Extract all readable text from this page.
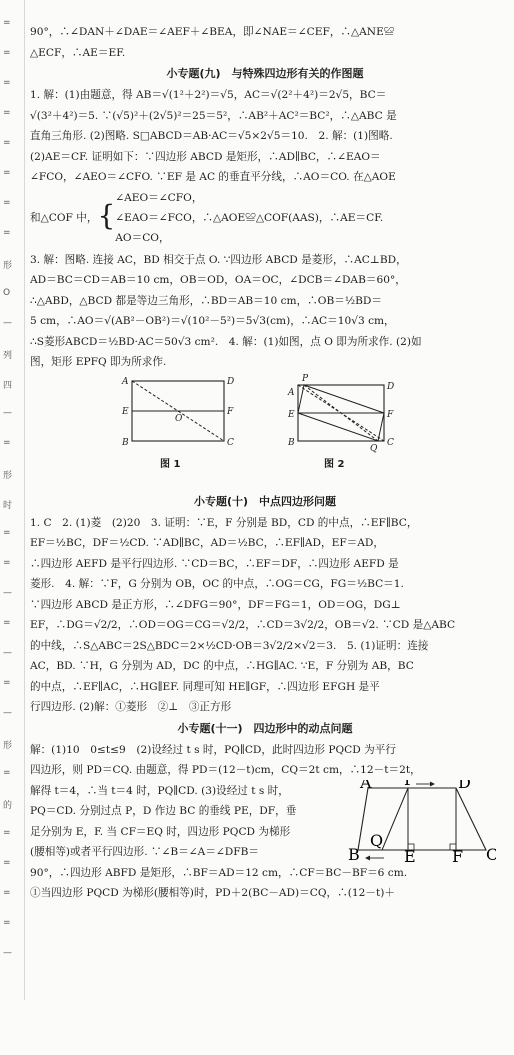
=
=
=
=
=
=
=
=
形
O
—
列
四
—
=
形
时
=
=
—
=
—
=
—
形
=
的
=
=
=
=
—
90°，∴∠DAN＋∠DAE＝∠AEF＋∠BEA，即∠NAE＝∠CEF，∴△ANE≌
△ECF，∴AE＝EF.
小专题(九)　与特殊四边形有关的作图题
1. 解：(1)由题意，得 AB＝√(1²＋2²)＝√5，AC＝√(2²＋4²)＝2√5，BC＝
√(3²＋4²)＝5. ∵(√5)²＋(2√5)²＝25＝5²，∴AB²＋AC²＝BC²，∴△ABC 是
直角三角形. (2)图略. S□ABCD＝AB·AC＝√5×2√5＝10.　2. 解：(1)图略.
(2)AE＝CF. 证明如下：∵四边形 ABCD 是矩形，∴AD∥BC，∴∠EAO＝
∠FCO，∠AEO＝∠CFO. ∵EF 是 AC 的垂直平分线，∴AO＝CO. 在△AOE
和△COF 中，{
∠AEO＝∠CFO，
∠EAO＝∠FCO，∴△AOE≌△COF(AAS)，∴AE＝CF.
AO＝CO，
3. 解：图略. 连接 AC，BD 相交于点 O. ∵四边形 ABCD 是菱形，∴AC⊥BD，
AD＝BC＝CD＝AB＝10 cm，OB＝OD，OA＝OC，∠DCB＝∠DAB＝60°，
∴△ABD，△BCD 都是等边三角形，∴BD＝AB＝10 cm，∴OB＝½BD＝
5 cm，∴AO＝√(AB²－OB²)＝√(10²－5²)＝5√3(cm)，∴AC＝10√3 cm，
∴S菱形ABCD＝½BD·AC＝50√3 cm².　4. 解：(1)如图，点 O 即为所求作. (2)如
图，矩形 EPFQ 即为所求作.
A	D
E	F
B	C
O
图 1
P
A
D
E	F
B	C
Q
图 2
小专题(十)　中点四边形问题
1. C　2. (1)菱　(2)20　3. 证明：∵E，F 分别是 BD，CD 的中点，∴EF∥BC，
EF＝½BC，DF＝½CD. ∵AD∥BC，AD＝½BC，∴EF∥AD，EF＝AD，
∴四边形 AEFD 是平行四边形. ∵CD＝BC，∴EF＝DF，∴四边形 AEFD 是
菱形.　4. 解：∵F，G 分别为 OB，OC 的中点，∴OG＝CG，FG＝½BC＝1.
∵四边形 ABCD 是正方形，∴∠DFG＝90°，DF＝FG＝1，OD＝OG，DG⊥
EF，∴DG＝√2/2，∴OD＝OG＝CG＝√2/2，∴CD＝3√2/2，OB＝√2. ∵CD 是△ABC
的中线，∴S△ABC＝2S△BDC＝2×½CD·OB＝3√2/2×√2＝3.　5. (1)证明：连接
AC，BD. ∵H，G 分别为 AD，DC 的中点，∴HG∥AC. ∵E，F 分别为 AB，BC
的中点，∴EF∥AC，∴HG∥EF. 同理可知 HE∥GF，∴四边形 EFGH 是平
行四边形. (2)解：①菱形　②⊥　③正方形
小专题(十一)　四边形中的动点问题
解：(1)10　0≤t≤9　(2)设经过 t s 时，PQ∥CD，此时四边形 PQCD 为平行
四边形，则 PD＝CQ. 由题意，得 PD＝(12－t)cm，CQ＝2t cm，∴12－t＝2t，
解得 t＝4，∴当 t＝4 时，PQ∥CD. (3)设经过 t s 时，
PQ＝CD. 分别过点 P，D 作边 BC 的垂线 PE，DF，垂
足分别为 E，F. 当 CF＝EQ 时，四边形 PQCD 为梯形
(腰相等)或者平行四边形. ∵∠B＝∠A＝∠DFB＝
90°，∴四边形 ABFD 是矩形，∴BF＝AD＝12 cm，∴CF＝BC－BF＝6 cm.
①当四边形 PQCD 为梯形(腰相等)时，PD＋2(BC－AD)＝CQ，∴(12－t)＋
A	D
Q
B	E F C
